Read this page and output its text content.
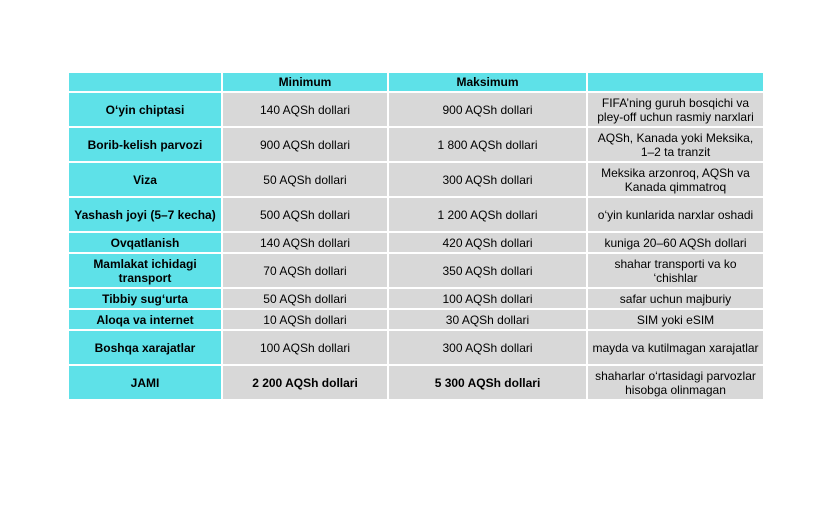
	Minimum	Maksimum	
O‘yin chiptasi	140 AQSh dollari	900 AQSh dollari	FIFA’ning guruh bosqichi va pley-off uchun rasmiy narxlari
Borib-kelish parvozi	900 AQSh dollari	1 800 AQSh dollari	AQSh, Kanada yoki Meksika, 1–2 ta tranzit
Viza	50 AQSh dollari	300 AQSh dollari	Meksika arzonroq, AQSh va Kanada qimmatroq
Yashash joyi (5–7 kecha)	500 AQSh dollari	1 200 AQSh dollari	o‘yin kunlarida narxlar oshadi
Ovqatlanish	140 AQSh dollari	420 AQSh dollari	kuniga 20–60 AQSh dollari
Mamlakat ichidagi transport	70 AQSh dollari	350 AQSh dollari	shahar transporti va ko ‘chishlar
Tibbiy sug‘urta	50 AQSh dollari	100 AQSh dollari	safar uchun majburiy
Aloqa va internet	10 AQSh dollari	30 AQSh dollari	SIM yoki eSIM
Boshqa xarajatlar	100 AQSh dollari	300 AQSh dollari	mayda va kutilmagan xarajatlar
JAMI	2 200 AQSh dollari	5 300 AQSh dollari	shaharlar o‘rtasidagi parvozlar hisobga olinmagan
